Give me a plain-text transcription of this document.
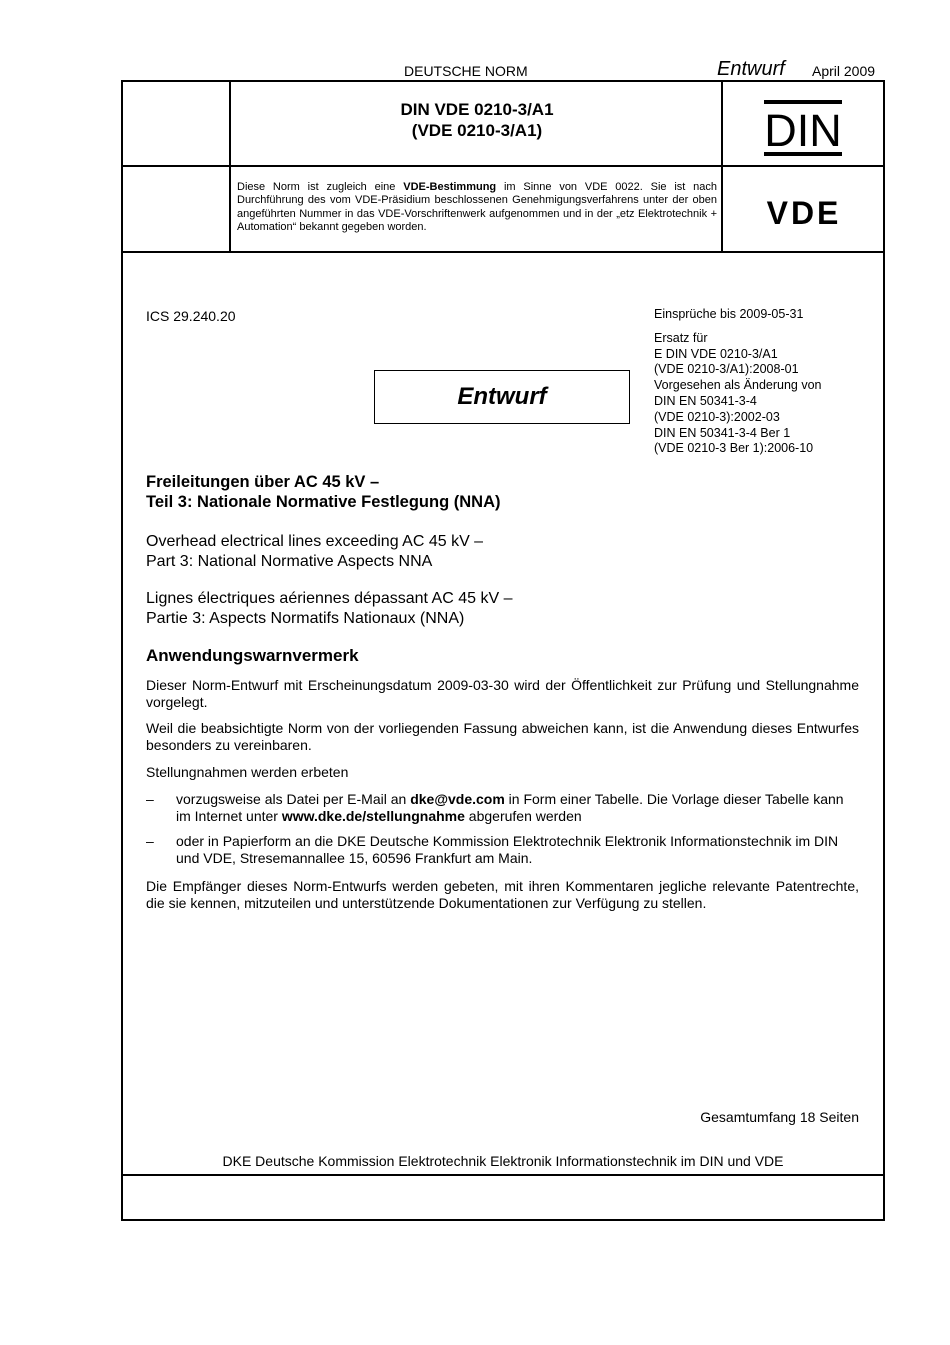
DEUTSCHE NORM	Entwurf April 2009
DIN VDE 0210-3/A1
(VDE 0210-3/A1)	DIN
Diese Norm ist zugleich eine VDE-Bestimmung im Sinne von VDE 0022. Sie ist nach Durchführung des vom VDE-Präsidium beschlossenen Genehmigungsverfahrens unter der oben angeführten Nummer in das VDE-Vorschriftenwerk aufgenommen und in der „etz Elektrotechnik + Automation“ bekannt gegeben worden.	VDE
ICS 29.240.20	Einsprüche bis 2009-05-31
Ersatz für
E DIN VDE 0210-3/A1
(VDE 0210-3/A1):2008-01
Vorgesehen als Änderung von
DIN EN 50341-3-4
(VDE 0210-3):2002-03
DIN EN 50341-3-4 Ber 1
(VDE 0210-3 Ber 1):2006-10
Entwurf
Freileitungen über AC 45 kV –
Teil 3: Nationale Normative Festlegung (NNA)
Overhead electrical lines exceeding AC 45 kV –
Part 3: National Normative Aspects NNA
Lignes électriques aériennes dépassant AC 45 kV –
Partie 3: Aspects Normatifs Nationaux (NNA)
Anwendungswarnvermerk
Dieser Norm-Entwurf mit Erscheinungsdatum 2009-03-30 wird der Öffentlichkeit zur Prüfung und Stellungnahme vorgelegt.
Weil die beabsichtigte Norm von der vorliegenden Fassung abweichen kann, ist die Anwendung dieses Entwurfes besonders zu vereinbaren.
Stellungnahmen werden erbeten
– vorzugsweise als Datei per E-Mail an dke@vde.com in Form einer Tabelle. Die Vorlage dieser Tabelle kann im Internet unter www.dke.de/stellungnahme abgerufen werden
– oder in Papierform an die DKE Deutsche Kommission Elektrotechnik Elektronik Informationstechnik im DIN und VDE, Stresemannallee 15, 60596 Frankfurt am Main.
Die Empfänger dieses Norm-Entwurfs werden gebeten, mit ihren Kommentaren jegliche relevante Patentrechte, die sie kennen, mitzuteilen und unterstützende Dokumentationen zur Verfügung zu stellen.
Gesamtumfang 18 Seiten
DKE Deutsche Kommission Elektrotechnik Elektronik Informationstechnik im DIN und VDE
